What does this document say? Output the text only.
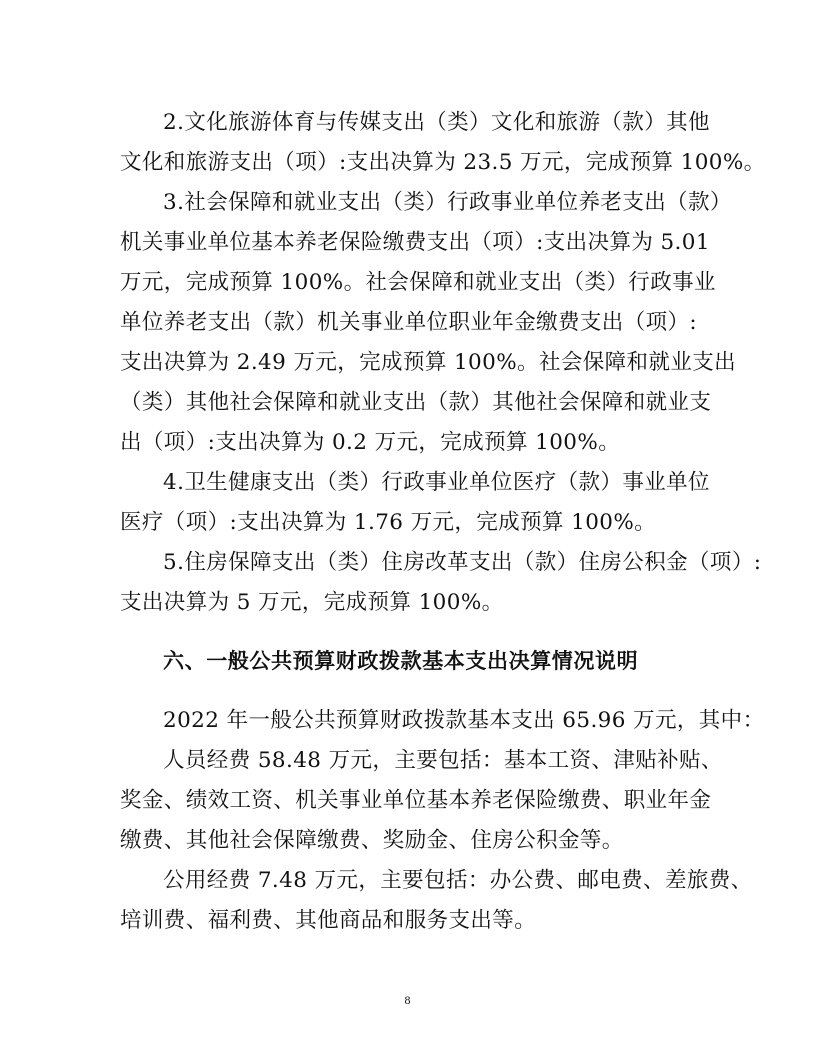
2.文化旅游体育与传媒支出（类）文化和旅游（款）其他
文化和旅游支出（项）:支出决算为 23.5 万元，完成预算 100%。
3.社会保障和就业支出（类）行政事业单位养老支出（款）
机关事业单位基本养老保险缴费支出（项）:支出决算为 5.01
万元，完成预算 100%。社会保障和就业支出（类）行政事业
单位养老支出（款）机关事业单位职业年金缴费支出（项）:
支出决算为 2.49 万元，完成预算 100%。社会保障和就业支出
（类）其他社会保障和就业支出（款）其他社会保障和就业支
出（项）:支出决算为 0.2 万元，完成预算 100%。
4.卫生健康支出（类）行政事业单位医疗（款）事业单位
医疗（项）:支出决算为 1.76 万元，完成预算 100%。
5.住房保障支出（类）住房改革支出（款）住房公积金（项）:
支出决算为 5 万元，完成预算 100%。
六、一般公共预算财政拨款基本支出决算情况说明
2022 年一般公共预算财政拨款基本支出 65.96 万元，其中：
人员经费 58.48 万元，主要包括：基本工资、津贴补贴、
奖金、绩效工资、机关事业单位基本养老保险缴费、职业年金
缴费、其他社会保障缴费、奖励金、住房公积金等。
公用经费 7.48 万元，主要包括：办公费、邮电费、差旅费、
培训费、福利费、其他商品和服务支出等。
8
